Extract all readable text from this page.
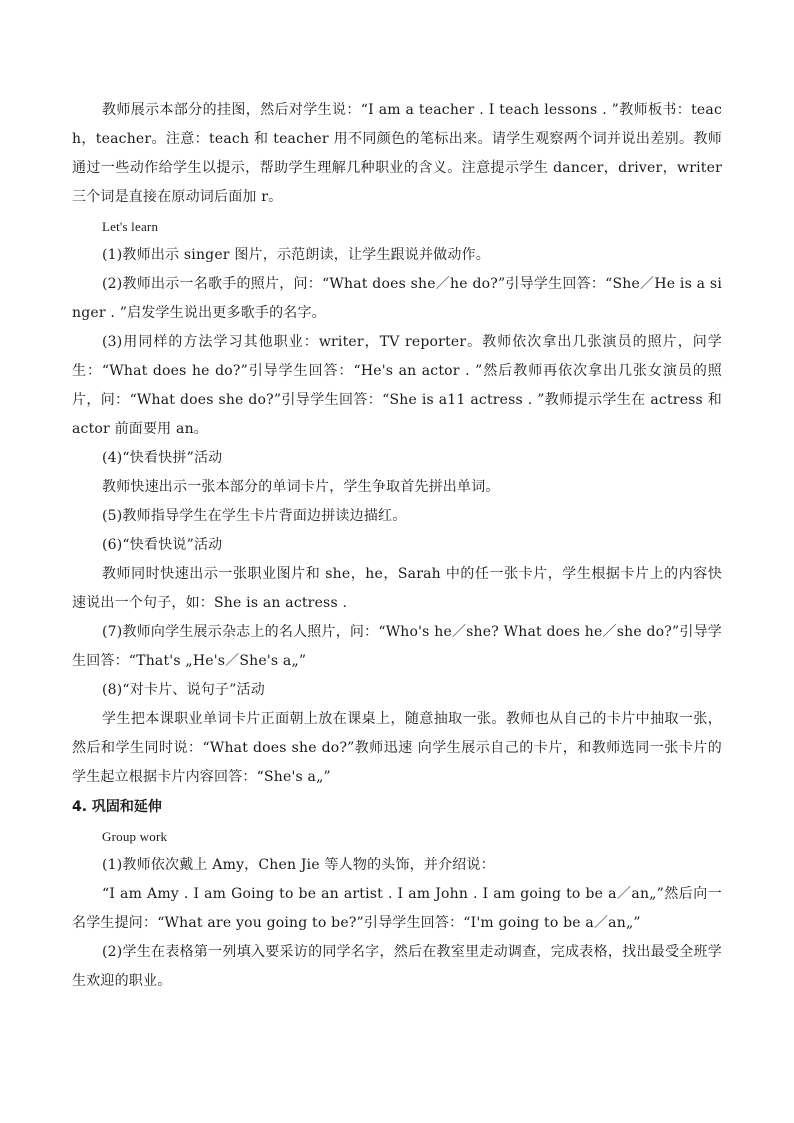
教师展示本部分的挂图，然后对学生说：“I am a teacher . I teach lessons . ”教师板书：teach，teacher。注意：teach 和 teacher 用不同颜色的笔标出来。请学生观察两个词并说出差别。教师通过一些动作给学生以提示，帮助学生理解几种职业的含义。注意提示学生 dancer，driver，writer 三个词是直接在原动词后面加 r。

Let's learn

(1)教师出示 singer 图片，示范朗读，让学生跟说并做动作。

(2)教师出示一名歌手的照片，问：“What does she／he do?”引导学生回答：“She／He is a singer . ”启发学生说出更多歌手的名字。

(3)用同样的方法学习其他职业：writer，TV reporter。教师依次拿出几张演员的照片，问学生：“What does he do?”引导学生回答：“He's an actor . ”然后教师再依次拿出几张女演员的照片，问：“What does she do?”引导学生回答：“She is a11 actress . ”教师提示学生在 actress 和 actor 前面要用 an。

(4)“快看快拼”活动

教师快速出示一张本部分的单词卡片，学生争取首先拼出单词。

(5)教师指导学生在学生卡片背面边拼读边描红。

(6)“快看快说”活动

教师同时快速出示一张职业图片和 she，he，Sarah 中的任一张卡片，学生根据卡片上的内容快速说出一个句子，如：She is an actress .

(7)教师向学生展示杂志上的名人照片，问：“Who's he／she? What does he／she do?”引导学生回答：“That's „He's／She's a„”

(8)“对卡片、说句子”活动

学生把本课职业单词卡片正面朝上放在课桌上，随意抽取一张。教师也从自己的卡片中抽取一张，然后和学生同时说：“What does she do?”教师迅速 向学生展示自己的卡片，和教师选同一张卡片的学生起立根据卡片内容回答：“She's a„”

4. 巩固和延伸

Group work

(1)教师依次戴上 Amy，Chen Jie 等人物的头饰，并介绍说：

“I am Amy . I am Going to be an artist . I am John . I am going to be a／an„”然后向一名学生提问：“What are you going to be?”引导学生回答：“I'm going to be a／an„”

(2)学生在表格第一列填入要采访的同学名字，然后在教室里走动调查，完成表格，找出最受全班学生欢迎的职业。
